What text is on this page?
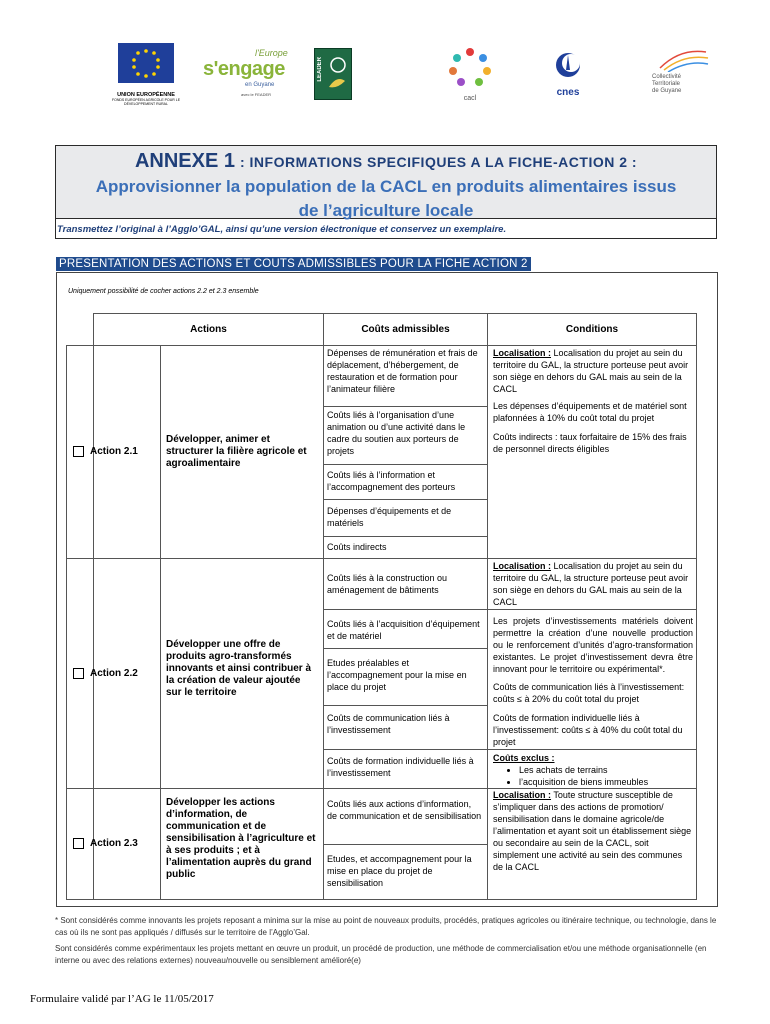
UNION EUROPÉENNE
FONDS EUROPÉEN AGRICOLE POUR LE DÉVELOPPEMENT RURAL
l'Europe
s'engage
en Guyane
avec le FEADER
LEADER
cacl
cnes
Collectivité
Territoriale
de Guyane
ANNEXE 1 : INFORMATIONS SPECIFIQUES A LA FICHE-ACTION 2 :
Approvisionner la population de la CACL en produits alimentaires issus
de l’agriculture locale
Transmettez l’original à l’Agglo’GAL, ainsi qu’une version électronique et conservez un exemplaire.
PRESENTATION DES ACTIONS ET COUTS ADMISSIBLES POUR LA FICHE ACTION 2
Uniquement possibilité de cocher actions 2.2 et 2.3 ensemble
Actions	Coûts admissibles	Conditions
Action 2.1
Développer, animer et structurer la filière agricole et agroalimentaire
Dépenses de rémunération et frais de déplacement, d’hébergement, de restauration et de formation pour l’animateur filière
Coûts liés à l’organisation d’une animation ou d’une activité dans le cadre du soutien aux porteurs de projets
Coûts liés à l’information et l’accompagnement des porteurs
Dépenses d’équipements et de matériels
Coûts indirects
Localisation : Localisation du projet au sein du territoire du GAL, la structure porteuse peut avoir son siège en dehors du GAL mais au sein de la CACL
Les dépenses d’équipements et de matériel sont plafonnées à 10% du coût total du projet
Coûts indirects : taux forfaitaire de 15% des frais de personnel directs éligibles
Action 2.2
Développer une offre de produits agro-transformés innovants et ainsi contribuer à la création de valeur ajoutée sur le territoire
Coûts liés à la construction ou aménagement de bâtiments
Coûts liés à l’acquisition d’équipement et de matériel
Etudes préalables et l’accompagnement pour la mise en place du projet
Coûts de communication liés à l’investissement
Coûts de formation individuelle liés à l’investissement
Localisation : Localisation du projet au sein du territoire du GAL, la structure porteuse peut avoir son siège en dehors du GAL mais au sein de la CACL
Les projets d’investissements matériels doivent permettre la création d’une nouvelle production ou le renforcement d’unités d’agro-transformation existantes. Le projet d’investissement devra être innovant pour le territoire ou expérimental*.
Coûts de communication liés à l’investissement: coûts ≤ à 20% du coût total du projet
Coûts de formation individuelle liés à l’investissement: coûts ≤ à 40% du coût total du projet
Coûts exclus :
• Les achats de terrains
• l’acquisition de biens immeubles
Action 2.3
Développer les actions d’information, de communication et de sensibilisation à l’agriculture et à ses produits ; et à l’alimentation auprès du grand public
Coûts liés aux actions d’information, de communication et de sensibilisation
Etudes, et accompagnement pour la mise en place du projet de sensibilisation
Localisation : Toute structure susceptible de s’impliquer dans des actions de promotion/ sensibilisation dans le domaine agricole/de l’alimentation et ayant soit un établissement siège ou secondaire au sein de la CACL, soit simplement une activité au sein des communes de la CACL
* Sont considérés comme innovants les projets reposant a minima sur la mise au point de nouveaux produits, procédés, pratiques agricoles ou itinéraire technique, ou technologie, dans le cas où ils ne sont pas appliqués / diffusés sur le territoire de l’Agglo’Gal.
Sont considérés comme expérimentaux les projets mettant en œuvre un produit, un procédé de production, une méthode de commercialisation et/ou une méthode organisationnelle (en interne ou avec des relations externes) nouveau/nouvelle ou sensiblement amélioré(e)
Formulaire validé par l’AG le 11/05/2017
